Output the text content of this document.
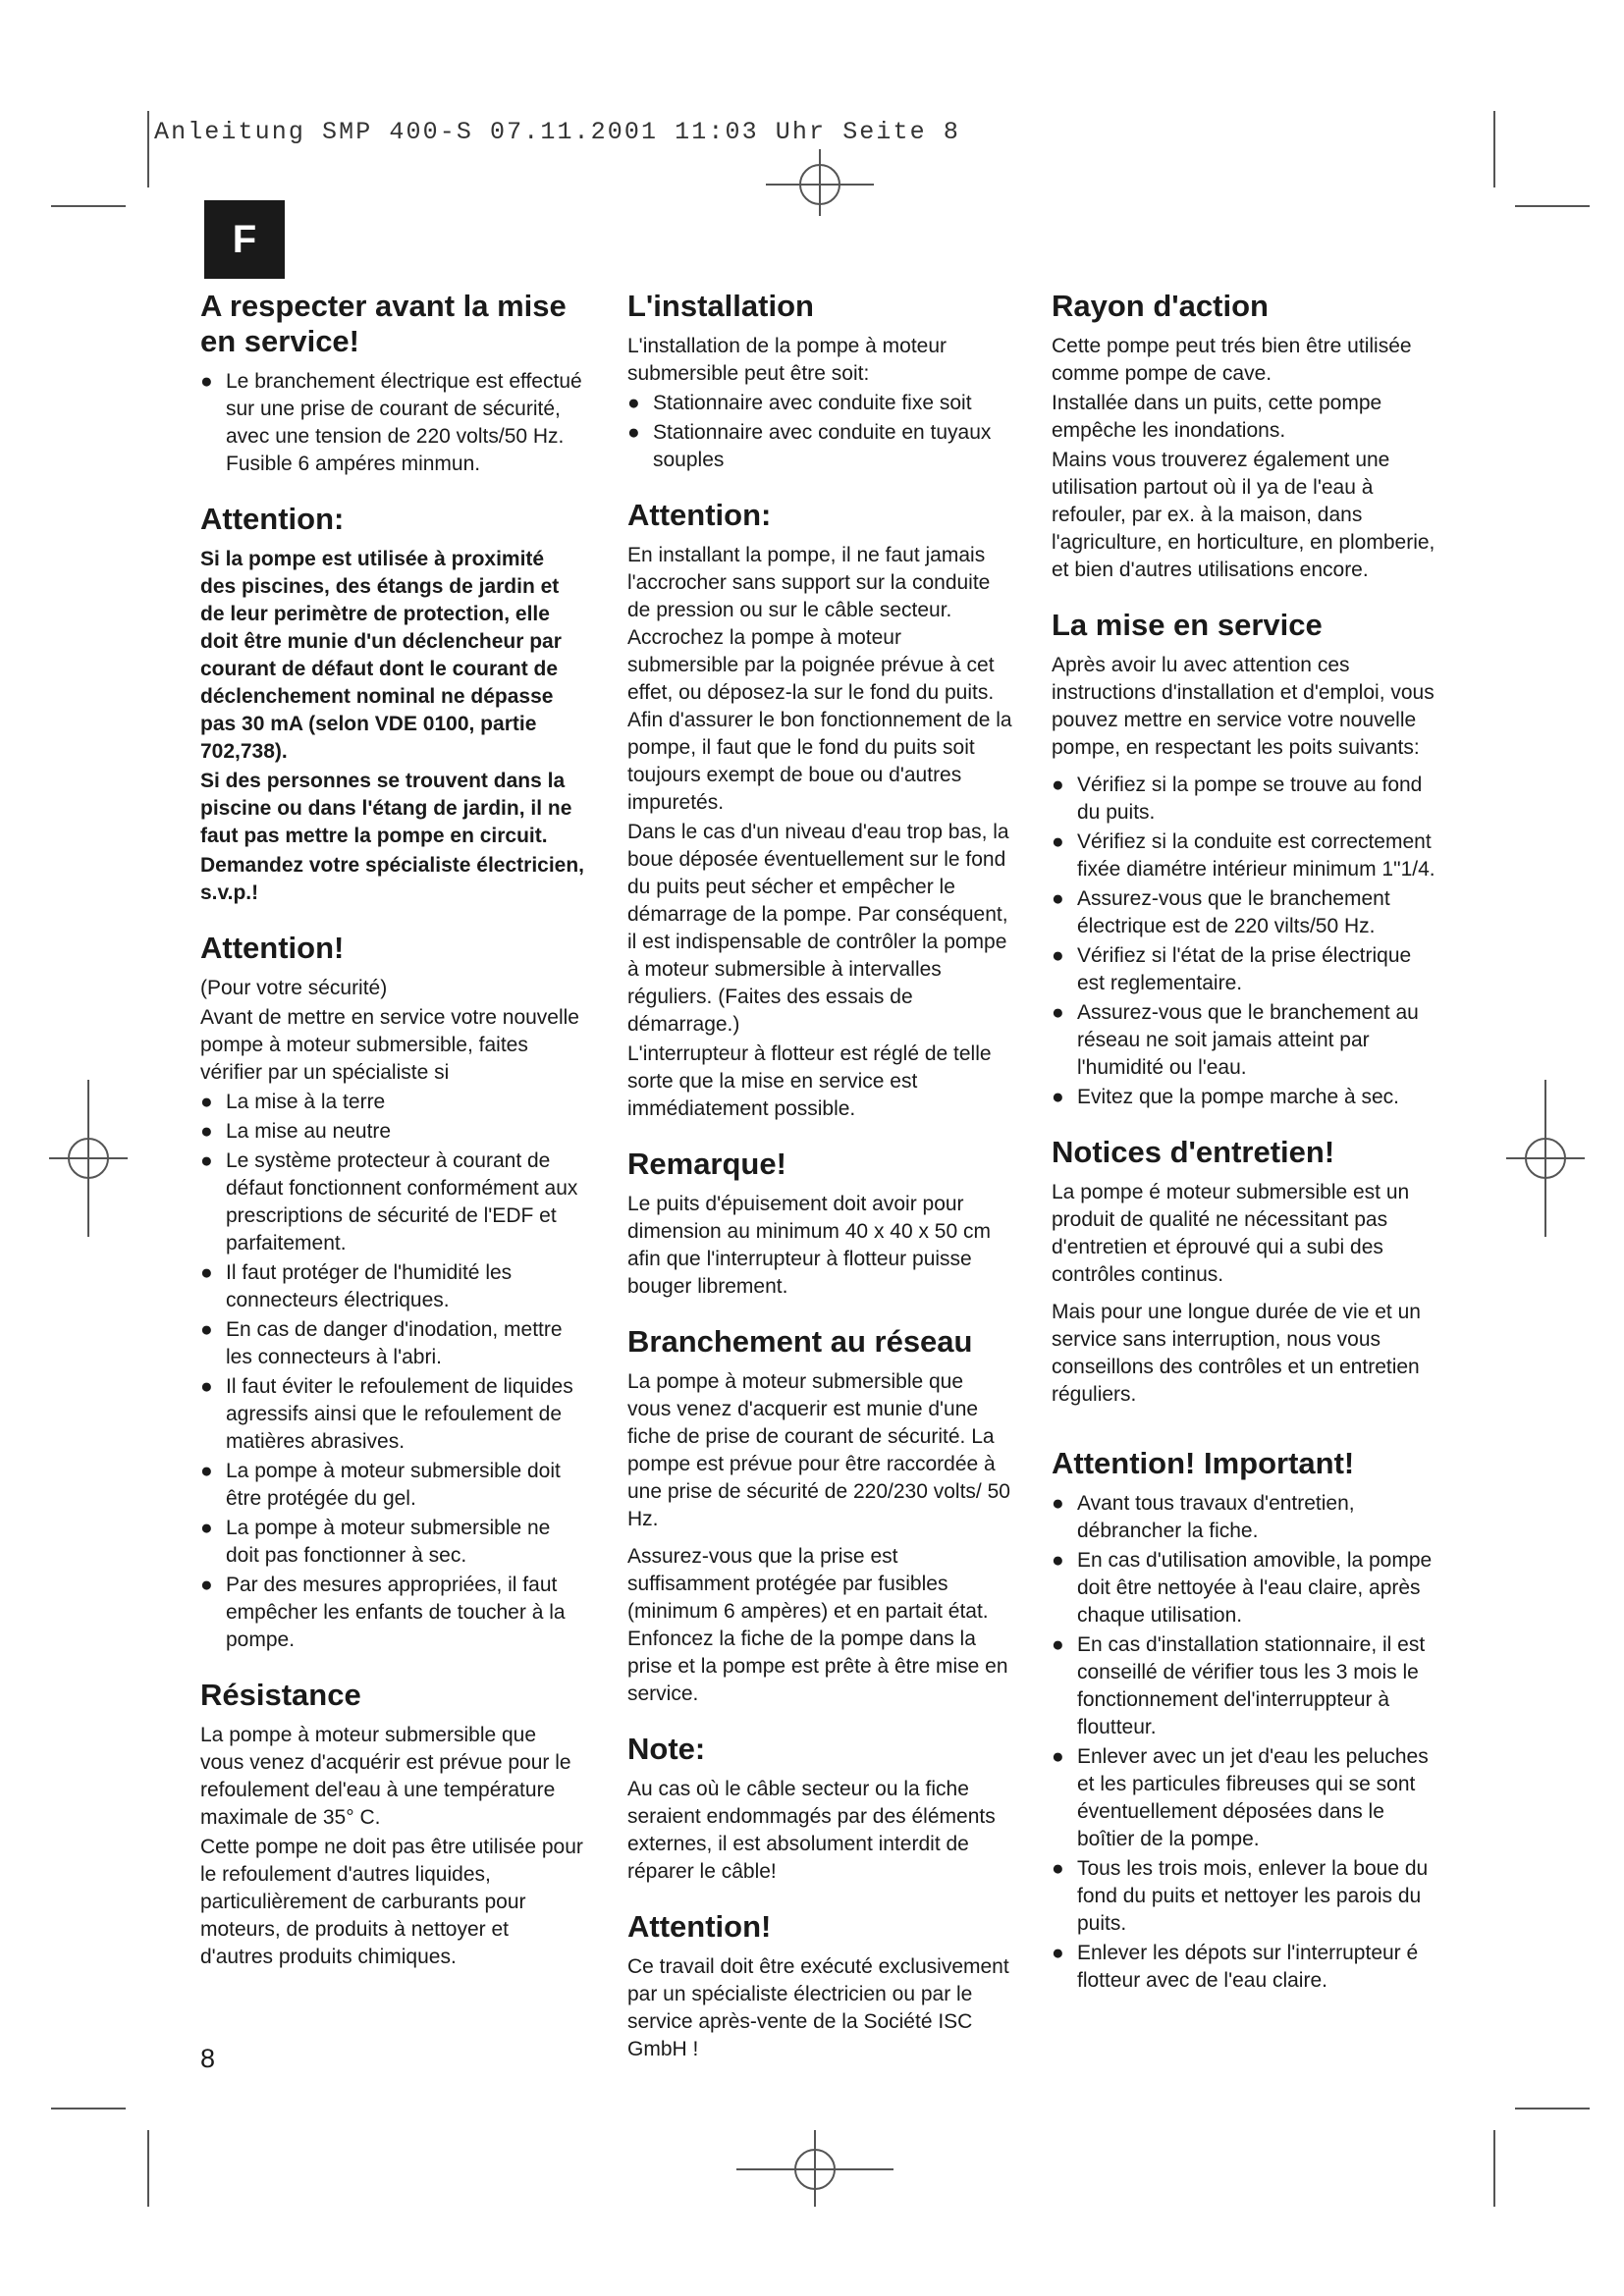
Anleitung SMP 400-S 07.11.2001 11:03 Uhr Seite 8
F
A respecter avant la mise en service!
● Le branchement électrique est effectué sur une prise de courant de sécurité, avec une tension de 220 volts/50 Hz. Fusible 6 ampéres minmun.
Attention:

Si la pompe est utilisée à proximité des piscines, des étangs de jardin et de leur perimètre de protection, elle doit être munie d'un déclencheur par courant de défaut dont le courant de déclenchement nominal ne dépasse pas 30 mA (selon VDE 0100, partie 702,738).

Si des personnes se trouvent dans la piscine ou dans l'étang de jardin, il ne faut pas mettre la pompe en circuit.

Demandez votre spécialiste électricien, s.v.p.!

Attention!

(Pour votre sécurité)

Avant de mettre en service votre nouvelle pompe à moteur submersible, faites vérifier par un spécialiste si

● La mise à la terre
● La mise au neutre
● Le système protecteur à courant de défaut fonctionnent conformément aux prescriptions de sécurité de l'EDF et parfaitement.
● Il faut protéger de l'humidité les connecteurs électriques.
● En cas de danger d'inodation, mettre les connecteurs à l'abri.
● Il faut éviter le refoulement de liquides agressifs ainsi que le refoulement de matières abrasives.
● La pompe à moteur submersible doit être protégée du gel.
● La pompe à moteur submersible ne doit pas fonctionner à sec.
● Par des mesures appropriées, il faut empêcher les enfants de toucher à la pompe.
Résistance

La pompe à moteur submersible que vous venez d'acquérir est prévue pour le refoulement del'eau à une température maximale de 35° C.

Cette pompe ne doit pas être utilisée pour le refoulement d'autres liquides, particulièrement de carburants pour moteurs, de produits à nettoyer et d'autres produits chimiques.

L'installation

L'installation de la pompe à moteur submersible peut être soit:

● Stationnaire avec conduite fixe soit
● Stationnaire avec conduite en tuyaux souples
Attention:

En installant la pompe, il ne faut jamais l'accrocher sans support sur la conduite de pression ou sur le câble secteur. Accrochez la pompe à moteur submersible par la poignée prévue à cet effet, ou déposez-la sur le fond du puits. Afin d'assurer le bon fonctionnement de la pompe, il faut que le fond du puits soit toujours exempt de boue ou d'autres impuretés.

Dans le cas d'un niveau d'eau trop bas, la boue déposée éventuellement sur le fond du puits peut sécher et empêcher le démarrage de la pompe. Par conséquent, il est indispensable de contrôler la pompe à moteur submersible à intervalles réguliers. (Faites des essais de démarrage.)

L'interrupteur à flotteur est réglé de telle sorte que la mise en service est immédiatement possible.

Remarque!

Le puits d'épuisement doit avoir pour dimension au minimum 40 x 40 x 50 cm afin que l'interrupteur à flotteur puisse bouger librement.

Branchement au réseau

La pompe à moteur submersible que vous venez d'acquerir est munie d'une fiche de prise de courant de sécurité. La pompe est prévue pour être raccordée à une prise de sécurité de 220/230 volts/ 50 Hz.

Assurez-vous que la prise est suffisamment protégée par fusibles (minimum 6 ampères) et en partait état. Enfoncez la fiche de la pompe dans la prise et la pompe est prête à être mise en service.

Note:

Au cas où le câble secteur ou la fiche seraient endommagés par des éléments externes, il est absolument interdit de réparer le câble!

Attention!

Ce travail doit être exécuté exclusivement par un spécialiste électricien ou par le service après-vente de la Société ISC GmbH !

Rayon d'action

Cette pompe peut trés bien être utilisée comme pompe de cave.

Installée dans un puits, cette pompe empêche les inondations.

Mains vous trouverez également une utilisation partout où il ya de l'eau à refouler, par ex. à la maison, dans l'agriculture, en horticulture, en plomberie, et bien d'autres utilisations encore.

La mise en service

Après avoir lu avec attention ces instructions d'installation et d'emploi, vous pouvez mettre en service votre nouvelle pompe, en respectant les poits suivants:

● Vérifiez si la pompe se trouve au fond du puits.
● Vérifiez si la conduite est correctement fixée diamétre intérieur minimum 1"1/4.
● Assurez-vous que le branchement électrique est de 220 vilts/50 Hz.
● Vérifiez si l'état de la prise électrique est reglementaire.
● Assurez-vous que le branchement au réseau ne soit jamais atteint par l'humidité ou l'eau.
● Evitez que la pompe marche à sec.
Notices d'entretien!

La pompe é moteur submersible est un produit de qualité ne nécessitant pas d'entretien et éprouvé qui a subi des contrôles continus.

Mais pour une longue durée de vie et un service sans interruption, nous vous conseillons des contrôles et un entretien réguliers.

Attention! Important!
● Avant tous travaux d'entretien, débrancher la fiche.
● En cas d'utilisation amovible, la pompe doit être nettoyée à l'eau claire, après chaque utilisation.
● En cas d'installation stationnaire, il est conseillé de vérifier tous les 3 mois le fonctionnement del'interruppteur à floutteur.
● Enlever avec un jet d'eau les peluches et les particules fibreuses qui se sont éventuellement déposées dans le boîtier de la pompe.
● Tous les trois mois, enlever la boue du fond du puits et nettoyer les parois du puits.
● Enlever les dépots sur l'interrupteur é flotteur avec de l'eau claire.
8
